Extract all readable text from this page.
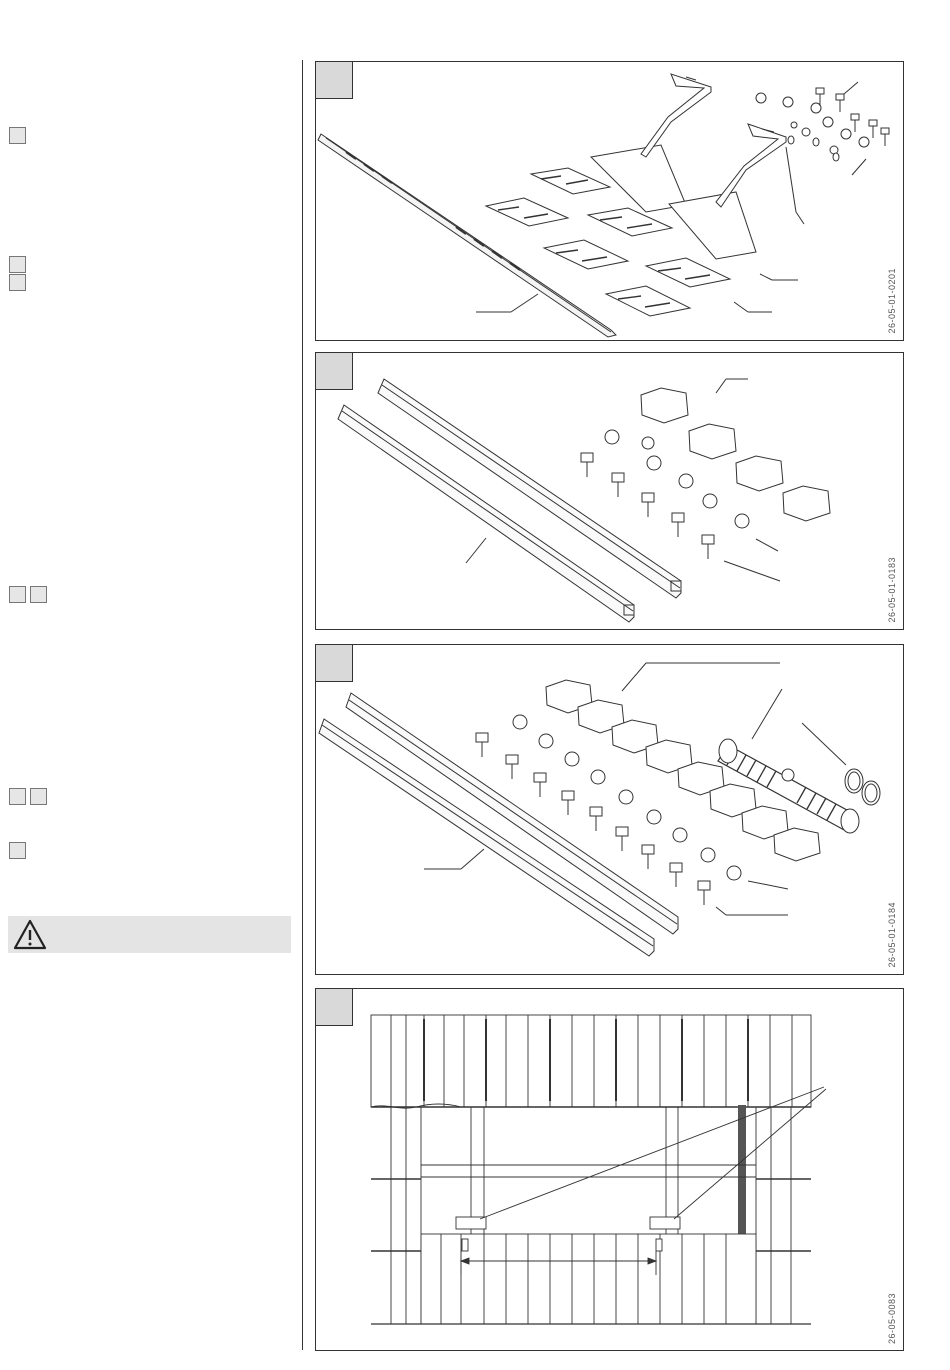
26-05-01-0201
26-05-01-0183
26-05-01-0184
26-05-0083
